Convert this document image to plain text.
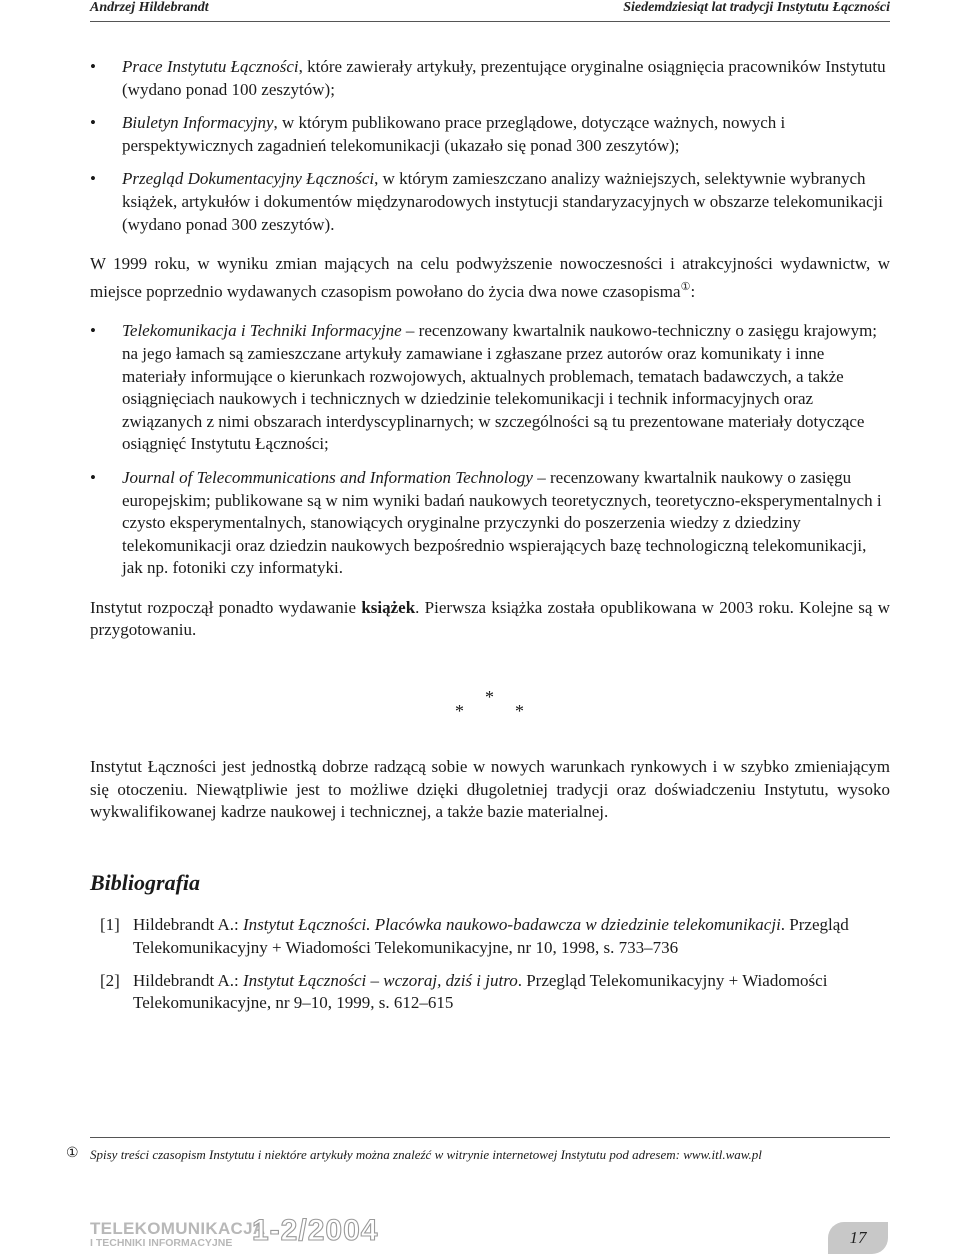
Andrzej Hildebrandt	Siedemdziesiąt lat tradycji Instytutu Łączności
• Prace Instytutu Łączności, które zawierały artykuły, prezentujące oryginalne osiągnięcia pracowników Instytutu (wydano ponad 100 zeszytów);
• Biuletyn Informacyjny, w którym publikowano prace przeglądowe, dotyczące ważnych, nowych i perspektywicznych zagadnień telekomunikacji (ukazało się ponad 300 zeszytów);
• Przegląd Dokumentacyjny Łączności, w którym zamieszczano analizy ważniejszych, selektywnie wybranych książek, artykułów i dokumentów międzynarodowych instytucji standaryzacyjnych w obszarze telekomunikacji (wydano ponad 300 zeszytów).

W 1999 roku, w wyniku zmian mających na celu podwyższenie nowoczesności i atrakcyjności wydawnictw, w miejsce poprzednio wydawanych czasopism powołano do życia dwa nowe czasopisma①:

• Telekomunikacja i Techniki Informacyjne – recenzowany kwartalnik naukowo-techniczny o zasięgu krajowym; na jego łamach są zamieszczane artykuły zamawiane i zgłaszane przez autorów oraz komunikaty i inne materiały informujące o kierunkach rozwojowych, aktualnych problemach, tematach badawczych, a także osiągnięciach naukowych i technicznych w dziedzinie telekomunikacji i technik informacyjnych oraz związanych z nimi obszarach interdyscyplinarnych; w szczególności są tu prezentowane materiały dotyczące osiągnięć Instytutu Łączności;
• Journal of Telecommunications and Information Technology – recenzowany kwartalnik naukowy o zasięgu europejskim; publikowane są w nim wyniki badań naukowych teoretycznych, teoretyczno-eksperymentalnych i czysto eksperymentalnych, stanowiących oryginalne przyczynki do poszerzenia wiedzy z dziedziny telekomunikacji oraz dziedzin naukowych bezpośrednio wspierających bazę technologiczną telekomunikacji, jak np. fotoniki czy informatyki.

Instytut rozpoczął ponadto wydawanie książek. Pierwsza książka została opublikowana w 2003 roku. Kolejne są w przygotowaniu.

*
*	*

Instytut Łączności jest jednostką dobrze radzącą sobie w nowych warunkach rynkowych i w szybko zmieniającym się otoczeniu. Niewątpliwie jest to możliwe dzięki długoletniej tradycji oraz doświadczeniu Instytutu, wysoko wykwalifikowanej kadrze naukowej i technicznej, a także bazie materialnej.

Bibliografia
[1] Hildebrandt A.: Instytut Łączności. Placówka naukowo-badawcza w dziedzinie telekomunikacji. Przegląd Telekomunikacyjny + Wiadomości Telekomunikacyjne, nr 10, 1998, s. 733–736
[2] Hildebrandt A.: Instytut Łączności – wczoraj, dziś i jutro. Przegląd Telekomunikacyjny + Wiadomości Telekomunikacyjne, nr 9–10, 1999, s. 612–615
① Spisy treści czasopism Instytutu i niektóre artykuły można znaleźć w witrynie internetowej Instytutu pod adresem: www.itl.waw.pl
TELEKOMUNIKACJA
I TECHNIKI INFORMACYJNE 1-2/2004	17
